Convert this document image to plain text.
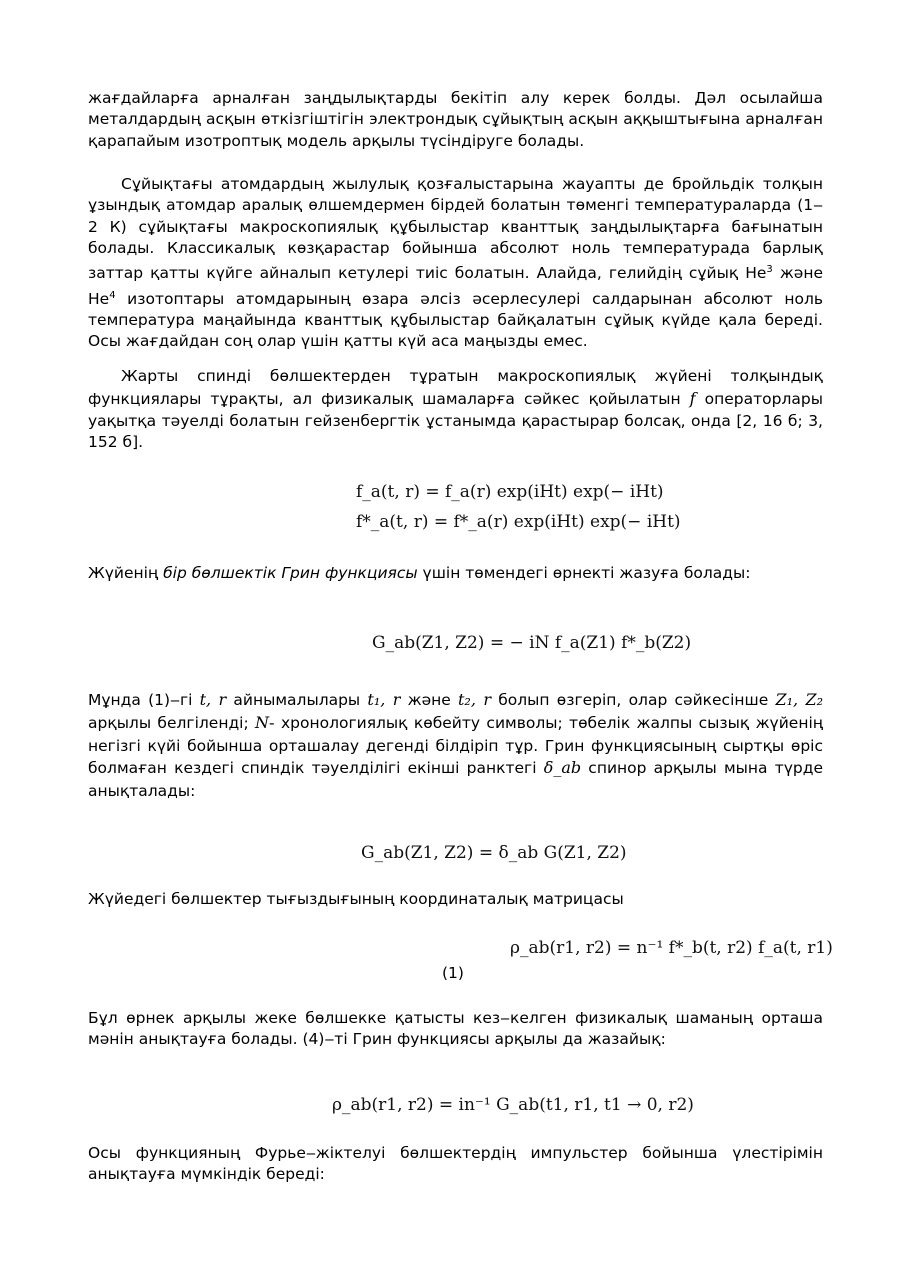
жағдайларға арналған заңдылықтарды бекітіп алу керек болды. Дәл осылайша металдардың асқын өткізгіштігін электрондық сұйықтың асқын аққыштығына арналған қарапайым изотроптық модель арқылы түсіндіруге болады.

Сұйықтағы атомдардың жылулық қозғалыстарына жауапты де бройльдік толқын ұзындық атомдар аралық өлшемдермен бірдей болатын төменгі температураларда (1‒2 К) сұйықтағы макроскопиялық құбылыстар кванттық заңдылықтарға бағынатын болады. Классикалық көзқарастар бойынша абсолют ноль температурада барлық заттар қатты күйге айналып кетулері тиіс болатын. Алайда, гелийдің сұйық He$^3$ және He$^4$ изотоптары атомдарының өзара әлсіз әсерлесулері салдарынан абсолют ноль температура маңайында кванттық құбылыстар байқалатын сұйық күйде қала береді. Осы жағдайдан соң олар үшін қатты күй аса маңызды емес.

Жарты спинді бөлшектерден тұратын макроскопиялық жүйені толқындық функциялары тұрақты, ал физикалық шамаларға сәйкес қойылатын f операторлары уақытқа тәуелді болатын гейзенбергтік ұстанымда қарастырар болсақ, онда [2, 16 б; 3, 152 б].

f_a(t, r) = f_a(r) exp(iHt) exp(− iHt)
f*_a(t, r) = f*_a(r) exp(iHt) exp(− iHt)

Жүйенің бір бөлшектік Грин функциясы үшін төмендегі өрнекті жазуға болады:

G_ab(Z1, Z2) = − iN f_a(Z1) f*_b(Z2)

Мұнда (1)‒гі t, r айнымалылары t₁, r және t₂, r болып өзгеріп, олар сәйкесінше Z₁, Z₂ арқылы белгіленді; N- хронологиялық көбейту символы; төбелік жалпы сызық жүйенің негізгі күйі бойынша орташалау дегенді білдіріп тұр. Грин функциясының сыртқы өріс болмаған кездегі спиндік тәуелділігі екінші ранктегі δ_ab спинор арқылы мына түрде анықталады:

G_ab(Z1, Z2) = δ_ab G(Z1, Z2)

Жүйедегі бөлшектер тығыздығының координаталық матрицасы

ρ_ab(r1, r2) = n⁻¹ f*_b(t, r2) f_a(t, r1)
(1)

Бұл өрнек арқылы жеке бөлшекке қатысты кез‒келген физикалық шаманың орташа мәнін анықтауға болады. (4)‒ті Грин функциясы арқылы да жазайық:

ρ_ab(r1, r2) = in⁻¹ G_ab(t1, r1, t1 → 0, r2)

Осы функцияның Фурье‒жіктелуі бөлшектердің импульстер бойынша үлестірімін анықтауға мүмкіндік береді:
